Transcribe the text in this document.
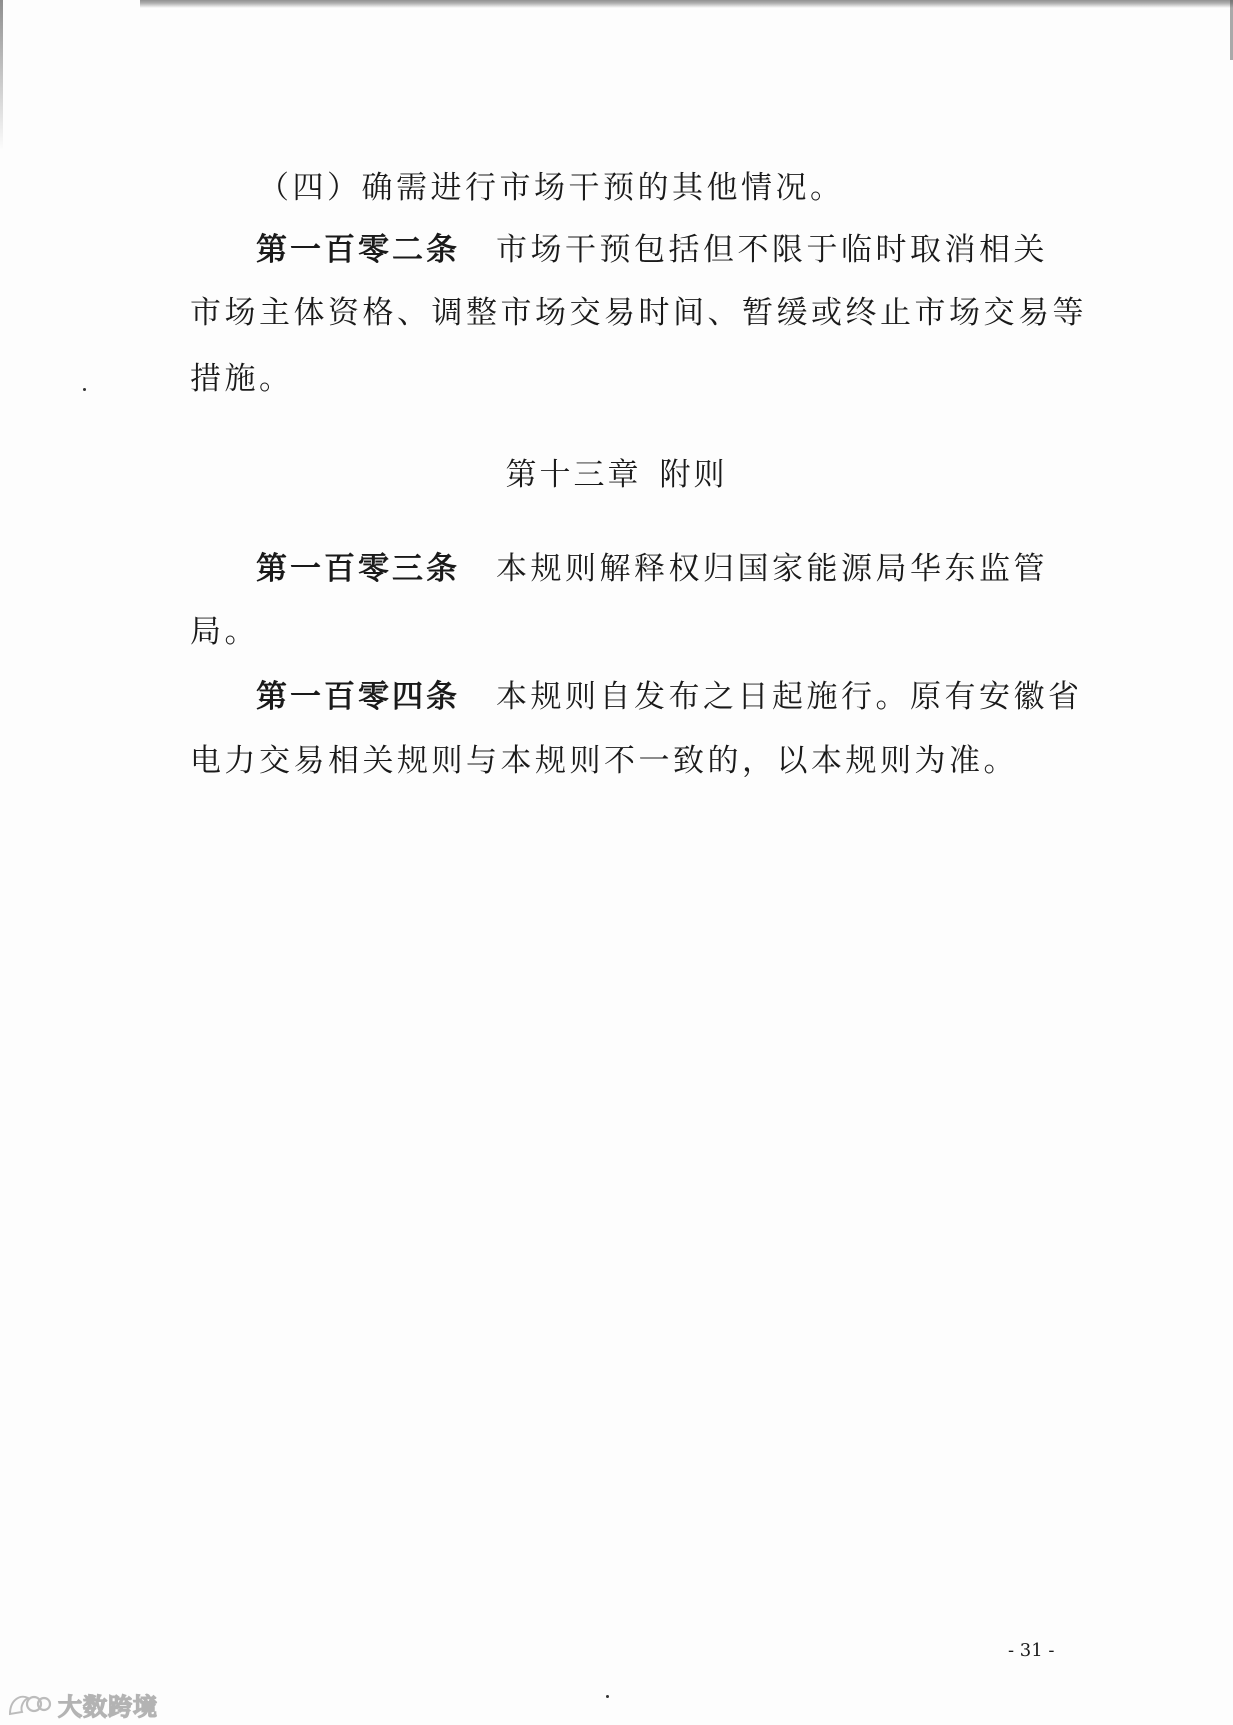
（四）确需进行市场干预的其他情况。
第一百零二条 市场干预包括但不限于临时取消相关
市场主体资格、调整市场交易时间、暂缓或终止市场交易等
措施。
第十三章 附则
第一百零三条 本规则解释权归国家能源局华东监管
局。
第一百零四条 本规则自发布之日起施行。原有安徽省
电力交易相关规则与本规则不一致的，以本规则为准。
- 31 -
大数跨境
